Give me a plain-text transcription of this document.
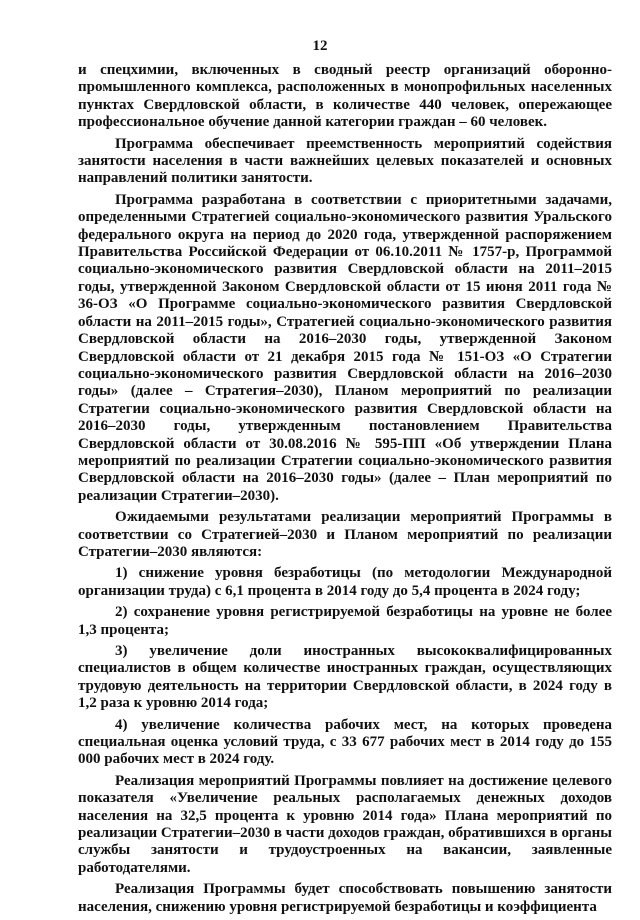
12

и спецхимии, включенных в сводный реестр организаций оборонно-промышленного комплекса, расположенных в монопрофильных населенных пунктах Свердловской области, в количестве 440 человек, опережающее профессиональное обучение данной категории граждан – 60 человек.

Программа обеспечивает преемственность мероприятий содействия занятости населения в части важнейших целевых показателей и основных направлений политики занятости.

Программа разработана в соответствии с приоритетными задачами, определенными Стратегией социально-экономического развития Уральского федерального округа на период до 2020 года, утвержденной распоряжением Правительства Российской Федерации от 06.10.2011 № 1757-р, Программой социально-экономического развития Свердловской области на 2011–2015 годы, утвержденной Законом Свердловской области от 15 июня 2011 года № 36-ОЗ «О Программе социально-экономического развития Свердловской области на 2011–2015 годы», Стратегией социально-экономического развития Свердловской области на 2016–2030 годы, утвержденной Законом Свердловской области от 21 декабря 2015 года № 151-ОЗ «О Стратегии социально-экономического развития Свердловской области на 2016–2030 годы» (далее – Стратегия–2030), Планом мероприятий по реализации Стратегии социально-экономического развития Свердловской области на 2016–2030 годы, утвержденным постановлением Правительства Свердловской области от 30.08.2016 № 595-ПП «Об утверждении Плана мероприятий по реализации Стратегии социально-экономического развития Свердловской области на 2016–2030 годы» (далее – План мероприятий по реализации Стратегии–2030).

Ожидаемыми результатами реализации мероприятий Программы в соответствии со Стратегией–2030 и Планом мероприятий по реализации Стратегии–2030 являются:

1) снижение уровня безработицы (по методологии Международной организации труда) с 6,1 процента в 2014 году до 5,4 процента в 2024 году;

2) сохранение уровня регистрируемой безработицы на уровне не более 1,3 процента;

3) увеличение доли иностранных высококвалифицированных специалистов в общем количестве иностранных граждан, осуществляющих трудовую деятельность на территории Свердловской области, в 2024 году в 1,2 раза к уровню 2014 года;

4) увеличение количества рабочих мест, на которых проведена специальная оценка условий труда, с 33 677 рабочих мест в 2014 году до 155 000 рабочих мест в 2024 году.

Реализация мероприятий Программы повлияет на достижение целевого показателя «Увеличение реальных располагаемых денежных доходов населения на 32,5 процента к уровню 2014 года» Плана мероприятий по реализации Стратегии–2030 в части доходов граждан, обратившихся в органы службы занятости и трудоустроенных на вакансии, заявленные работодателями.

Реализация Программы будет способствовать повышению занятости населения, снижению уровня регистрируемой безработицы и коэффициента
